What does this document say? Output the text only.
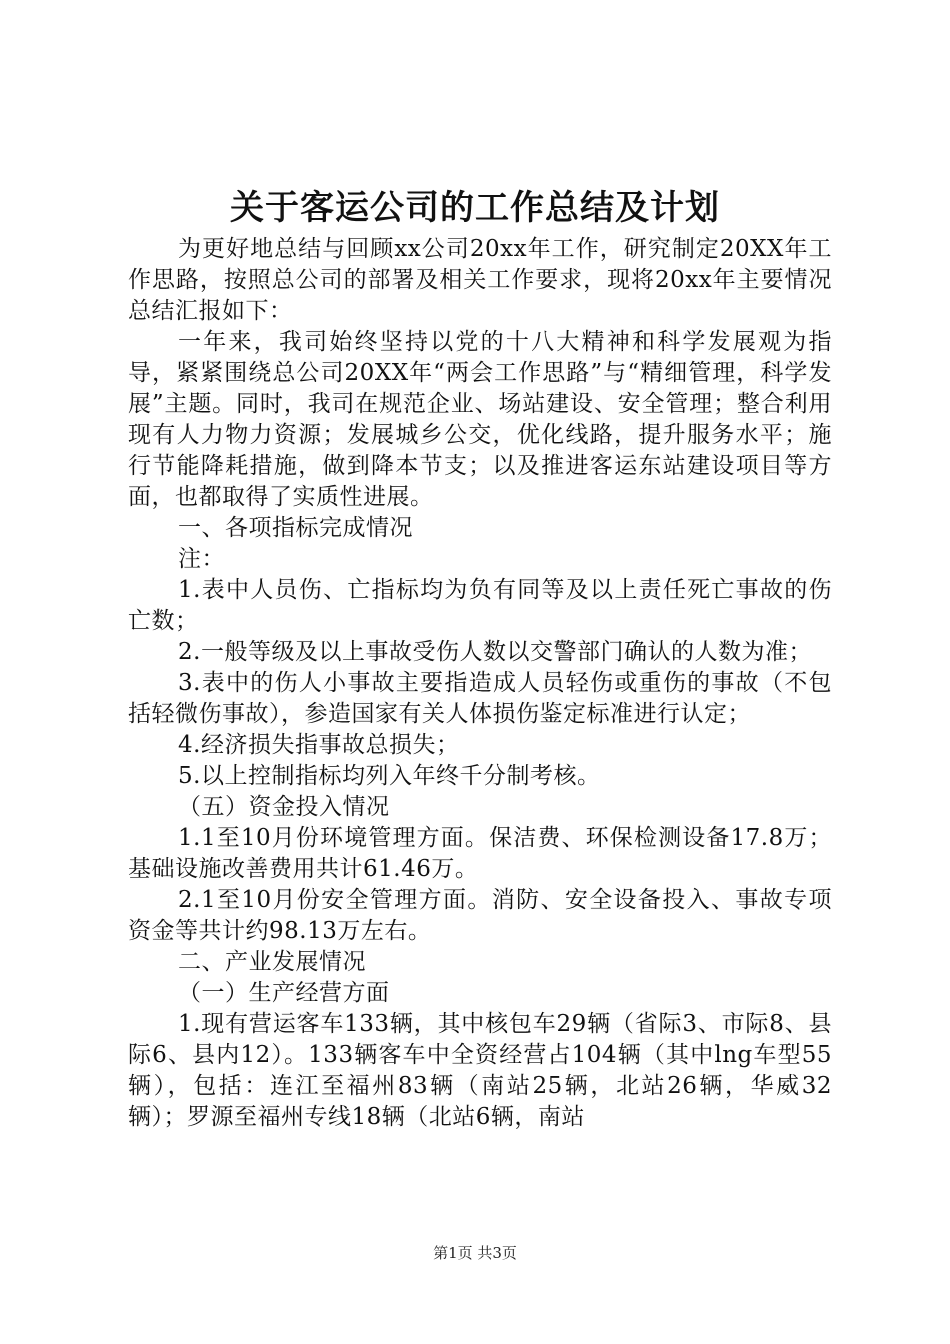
关于客运公司的工作总结及计划

为更好地总结与回顾xx公司20xx年工作，研究制定20XX年工作思路，按照总公司的部署及相关工作要求，现将20xx年主要情况总结汇报如下：

一年来，我司始终坚持以党的十八大精神和科学发展观为指导，紧紧围绕总公司20XX年“两会工作思路”与“精细管理，科学发展”主题。同时，我司在规范企业、场站建设、安全管理；整合利用现有人力物力资源；发展城乡公交，优化线路，提升服务水平；施行节能降耗措施，做到降本节支；以及推进客运东站建设项目等方面，也都取得了实质性进展。

一、各项指标完成情况

注：

1.表中人员伤、亡指标均为负有同等及以上责任死亡事故的伤亡数；

2.一般等级及以上事故受伤人数以交警部门确认的人数为准；

3.表中的伤人小事故主要指造成人员轻伤或重伤的事故（不包括轻微伤事故），参造国家有关人体损伤鉴定标准进行认定；

4.经济损失指事故总损失；

5.以上控制指标均列入年终千分制考核。

（五）资金投入情况

1.1至10月份环境管理方面。保洁费、环保检测设备17.8万；基础设施改善费用共计61.46万。

2.1至10月份安全管理方面。消防、安全设备投入、事故专项资金等共计约98.13万左右。

二、产业发展情况

（一）生产经营方面

1.现有营运客车133辆，其中核包车29辆（省际3、市际8、县际6、县内12）。133辆客车中全资经营占104辆（其中lng车型55辆），包括：连江至福州83辆（南站25辆，北站26辆，华威32辆）；罗源至福州专线18辆（北站6辆，南站

第1页 共3页
